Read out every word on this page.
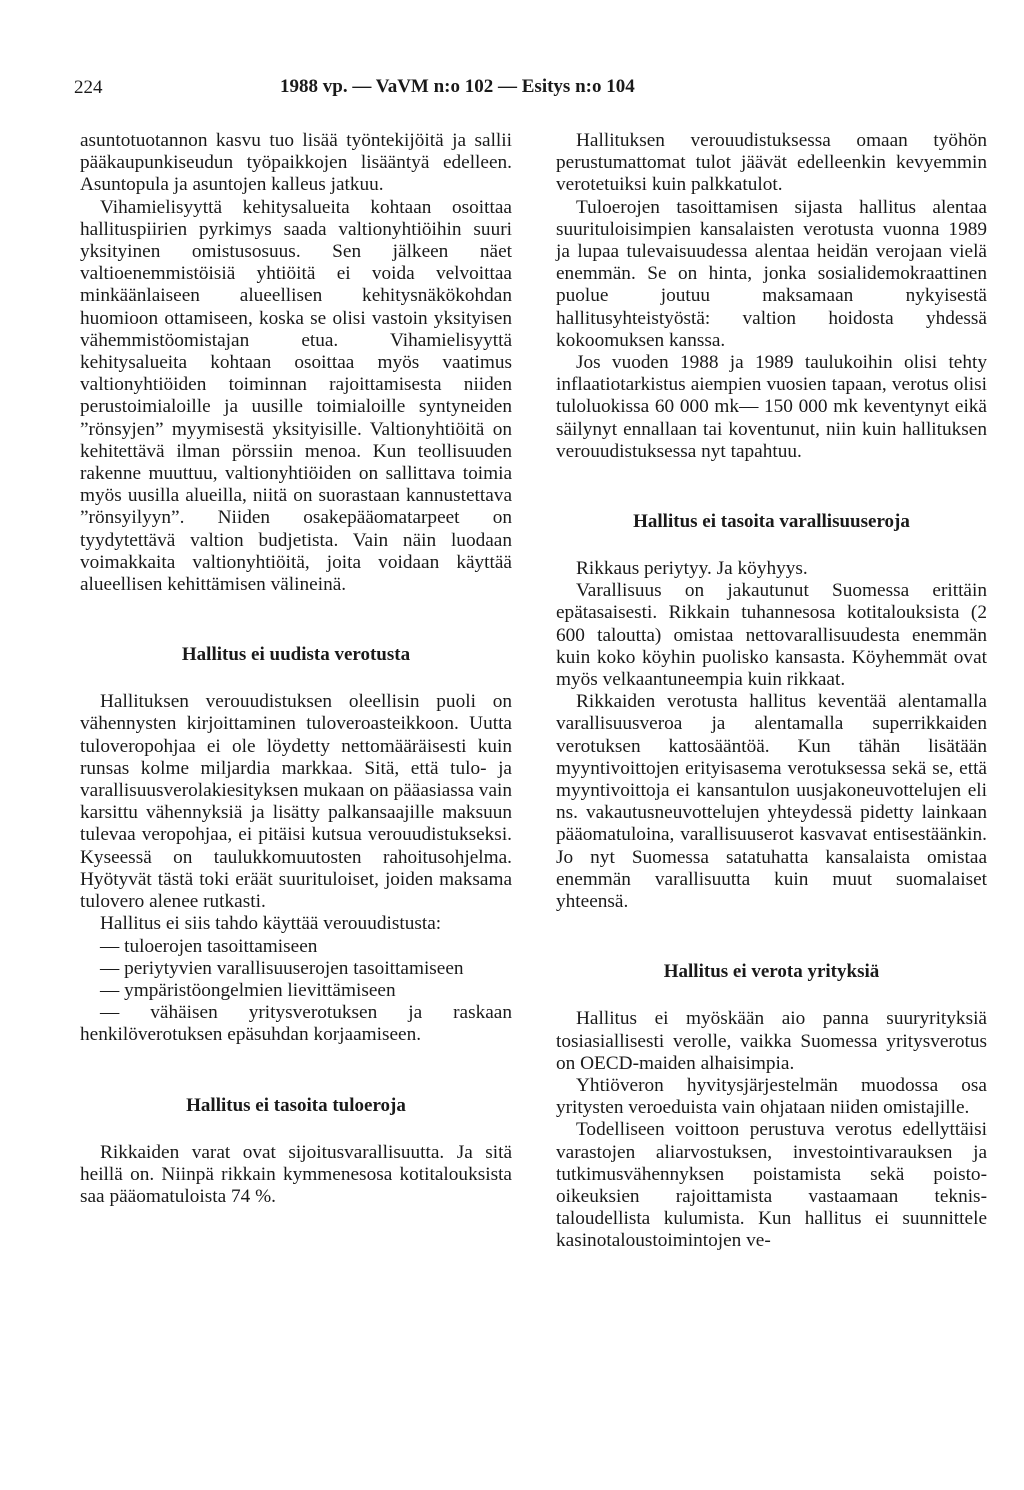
224	1988 vp. — VaVM n:o 102 — Esitys n:o 104

asuntotuotannon kasvu tuo lisää työntekijöitä ja sallii pääkaupunkiseudun työpaikkojen lisääntyä edelleen. Asuntopula ja asuntojen kalleus jatkuu.

Vihamielisyyttä kehitysalueita kohtaan osoittaa hallituspiirien pyrkimys saada valtionyhtiöihin suuri yksityinen omistusosuus. Sen jälkeen näet valtioenemmistöisiä yhtiöitä ei voida velvoittaa minkäänlaiseen alueellisen kehitysnäkökohdan huomioon ottamiseen, koska se olisi vastoin yksityisen vähemmistöomistajan etua. Vihamielisyyttä kehitysalueita kohtaan osoittaa myös vaatimus valtionyhtiöiden toiminnan rajoittamisesta niiden perustoimialoille ja uusille toimialoille syntyneiden ”rönsyjen” myymisestä yksityisille. Valtionyhtiöitä on kehitettävä ilman pörssiin menoa. Kun teollisuuden rakenne muuttuu, valtionyhtiöiden on sallittava toimia myös uusilla alueilla, niitä on suorastaan kannustettava ”rönsyilyyn”. Niiden osakepääomatarpeet on tyydytettävä valtion budjetista. Vain näin luodaan voimakkaita valtionyhtiöitä, joita voidaan käyttää alueellisen kehittämisen välineinä.

Hallitus ei uudista verotusta

Hallituksen verouudistuksen oleellisin puoli on vähennysten kirjoittaminen tuloveroasteikkoon. Uutta tuloveropohjaa ei ole löydetty nettomääräisesti kuin runsas kolme miljardia markkaa. Sitä, että tulo- ja varallisuusverolakiesityksen mukaan on pääasiassa vain karsittu vähennyksiä ja lisätty palkansaajille maksuun tulevaa veropohjaa, ei pitäisi kutsua verouudistukseksi. Kyseessä on taulukkomuutosten rahoitusohjelma. Hyötyvät tästä toki eräät suurituloiset, joiden maksama tulovero alenee rutkasti.

Hallitus ei siis tahdo käyttää verouudistusta:

— tuloerojen tasoittamiseen

— periytyvien varallisuuserojen tasoittamiseen

— ympäristöongelmien lievittämiseen

— vähäisen yritysverotuksen ja raskaan henkilöverotuksen epäsuhdan korjaamiseen.

Hallitus ei tasoita tuloeroja

Rikkaiden varat ovat sijoitusvarallisuutta. Ja sitä heillä on. Niinpä rikkain kymmenesosa kotitalouksista saa pääomatuloista 74 %.

Hallituksen verouudistuksessa omaan työhön perustumattomat tulot jäävät edelleenkin kevyemmin verotetuiksi kuin palkkatulot.

Tuloerojen tasoittamisen sijasta hallitus alentaa suurituloisimpien kansalaisten verotusta vuonna 1989 ja lupaa tulevaisuudessa alentaa heidän verojaan vielä enemmän. Se on hinta, jonka sosialidemokraattinen puolue joutuu maksamaan nykyisestä hallitusyhteistyöstä: valtion hoidosta yhdessä kokoomuksen kanssa.

Jos vuoden 1988 ja 1989 taulukoihin olisi tehty inflaatiotarkistus aiempien vuosien tapaan, verotus olisi tuloluokissa 60 000 mk— 150 000 mk keventynyt eikä säilynyt ennallaan tai koventunut, niin kuin hallituksen verouudistuksessa nyt tapahtuu.

Hallitus ei tasoita varallisuuseroja

Rikkaus periytyy. Ja köyhyys.

Varallisuus on jakautunut Suomessa erittäin epätasaisesti. Rikkain tuhannesosa kotitalouksista (2 600 taloutta) omistaa nettovarallisuudesta enemmän kuin koko köyhin puolisko kansasta. Köyhemmät ovat myös velkaantuneempia kuin rikkaat.

Rikkaiden verotusta hallitus keventää alentamalla varallisuusveroa ja alentamalla superrikkaiden verotuksen kattosääntöä. Kun tähän lisätään myyntivoittojen erityisasema verotuksessa sekä se, että myyntivoittoja ei kansantulon uusjakoneuvottelujen eli ns. vakautusneuvottelujen yhteydessä pidetty lainkaan pääomatuloina, varallisuuserot kasvavat entisestäänkin. Jo nyt Suomessa satatuhatta kansalaista omistaa enemmän varallisuutta kuin muut suomalaiset yhteensä.

Hallitus ei verota yrityksiä

Hallitus ei myöskään aio panna suuryrityksiä tosiasiallisesti verolle, vaikka Suomessa yritysverotus on OECD-maiden alhaisimpia.

Yhtiöveron hyvitysjärjestelmän muodossa osa yritysten veroeduista vain ohjataan niiden omistajille.

Todelliseen voittoon perustuva verotus edellyttäisi varastojen aliarvostuksen, investointivarauksen ja tutkimusvähennyksen poistamista sekä poisto-oikeuksien rajoittamista vastaamaan teknis-taloudellista kulumista. Kun hallitus ei suunnittele kasinotaloustoimintojen ve-
